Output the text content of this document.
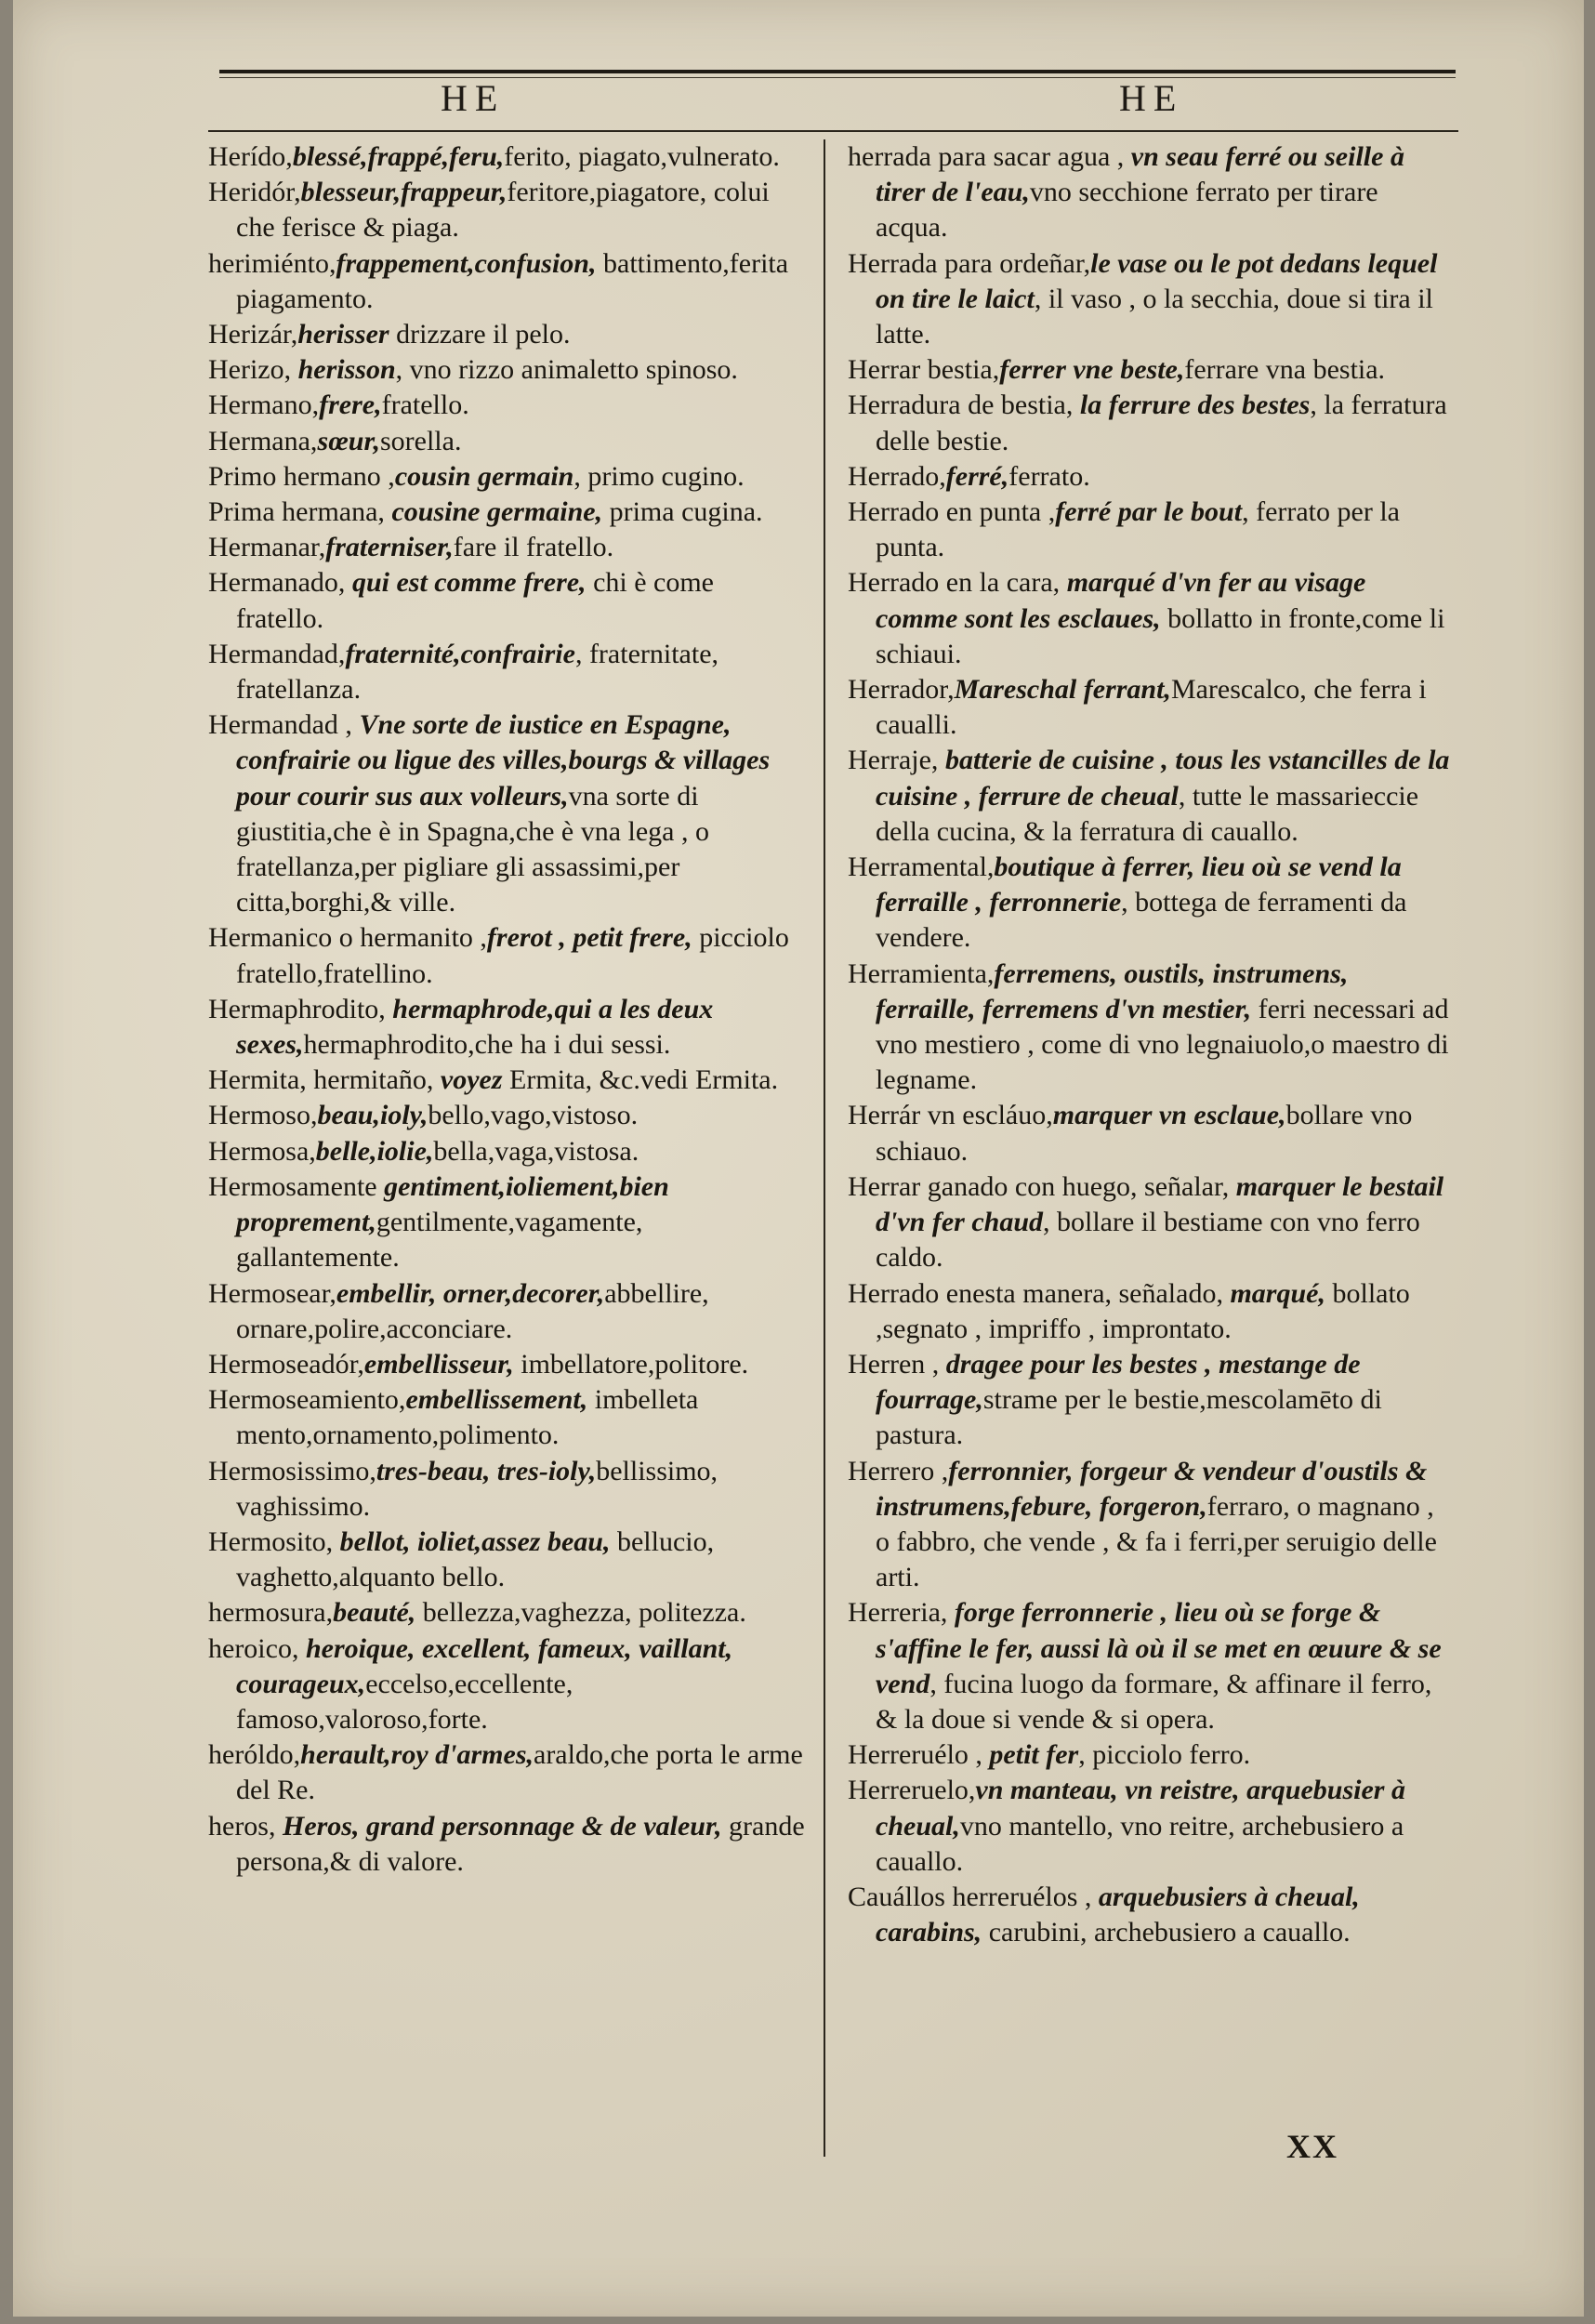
HE	HE
Herído,blessé,frappé,feru,ferito, piagato,vulnerato.
Heridór,blesseur,frappeur,feritore,piagatore, colui che ferisce & piaga.
herimiénto,frappement,confusion, battimento,ferita piagamento.
Herizár,herisser drizzare il pelo.
Herizo, herisson, vno rizzo animaletto spinoso.
Hermano,frere,fratello.
Hermana,sœur,sorella.
Primo hermano ,cousin germain, primo cugino.
Prima hermana, cousine germaine, prima cugina.
Hermanar,fraterniser,fare il fratello.
Hermanado, qui est comme frere, chi è come fratello.
Hermandad,fraternité,confrairie, fraternitate, fratellanza.
Hermandad , Vne sorte de iustice en Espagne, confrairie ou ligue des villes,bourgs & villages pour courir sus aux volleurs,vna sorte di giustitia,che è in Spagna,che è vna lega , o fratellanza,per pigliare gli assassimi,per citta,borghi,& ville.
Hermanico o hermanito ,frerot , petit frere, picciolo fratello,fratellino.
Hermaphrodito, hermaphrode,qui a les deux sexes,hermaphrodito,che ha i dui sessi.
Hermita, hermitaño, voyez Ermita, &c.vedi Ermita.
Hermoso,beau,ioly,bello,vago,vistoso.
Hermosa,belle,iolie,bella,vaga,vistosa.
Hermosamente gentiment,ioliement,bien proprement,gentilmente,vagamente, gallantemente.
Hermosear,embellir, orner,decorer,abbellire, ornare,polire,acconciare.
Hermoseadór,embellisseur, imbellatore,politore.
Hermoseamiento,embellissement, imbelleta mento,ornamento,polimento.
Hermosissimo,tres-beau, tres-ioly,bellissimo, vaghissimo.
Hermosito, bellot, ioliet,assez beau, bellucio, vaghetto,alquanto bello.
hermosura,beauté, bellezza,vaghezza, politezza.
heroico, heroique, excellent, fameux, vaillant, courageux,eccelso,eccellente, famoso,valoroso,forte.
heróldo,herault,roy d'armes,araldo,che porta le arme del Re.
heros, Heros, grand personnage & de valeur, grande persona,& di valore.
herrada para sacar agua , vn seau ferré ou seille à tirer de l'eau,vno secchione ferrato per tirare acqua.
Herrada para ordeñar,le vase ou le pot dedans lequel on tire le laict, il vaso , o la secchia, doue si tira il latte.
Herrar bestia,ferrer vne beste,ferrare vna bestia.
Herradura de bestia, la ferrure des bestes, la ferratura delle bestie.
Herrado,ferré,ferrato.
Herrado en punta ,ferré par le bout, ferrato per la punta.
Herrado en la cara, marqué d'vn fer au visage comme sont les esclaues, bollatto in fronte,come li schiaui.
Herrador,Mareschal ferrant,Marescalco, che ferra i caualli.
Herraje, batterie de cuisine , tous les vstancilles de la cuisine , ferrure de cheual, tutte le massarieccie della cucina, & la ferratura di cauallo.
Herramental,boutique à ferrer, lieu où se vend la ferraille , ferronnerie, bottega de ferramenti da vendere.
Herramienta,ferremens, oustils, instrumens, ferraille, ferremens d'vn mestier, ferri necessari ad vno mestiero , come di vno legnaiuolo,o maestro di legname.
Herrár vn escláuo,marquer vn esclaue,bollare vno schiauo.
Herrar ganado con huego, señalar, marquer le bestail d'vn fer chaud, bollare il bestiame con vno ferro caldo.
Herrado enesta manera, señalado, marqué, bollato ,segnato , impriffo , improntato.
Herren , dragee pour les bestes , mestange de fourrage,strame per le bestie,mescolamēto di pastura.
Herrero ,ferronnier, forgeur & vendeur d'oustils & instrumens,febure, forgeron,ferraro, o magnano , o fabbro, che vende , & fa i ferri,per seruigio delle arti.
Herreria, forge ferronnerie , lieu où se forge & s'affine le fer, aussi là où il se met en œuure & se vend, fucina luogo da formare, & affinare il ferro, & la doue si vende & si opera.
Herreruélo , petit fer, picciolo ferro.
Herreruelo,vn manteau, vn reistre, arquebusier à cheual,vno mantello, vno reitre, archebusiero a cauallo.
Cauállos herreruélos , arquebusiers à cheual, carabins, carubini, archebusiero a cauallo.
XX
